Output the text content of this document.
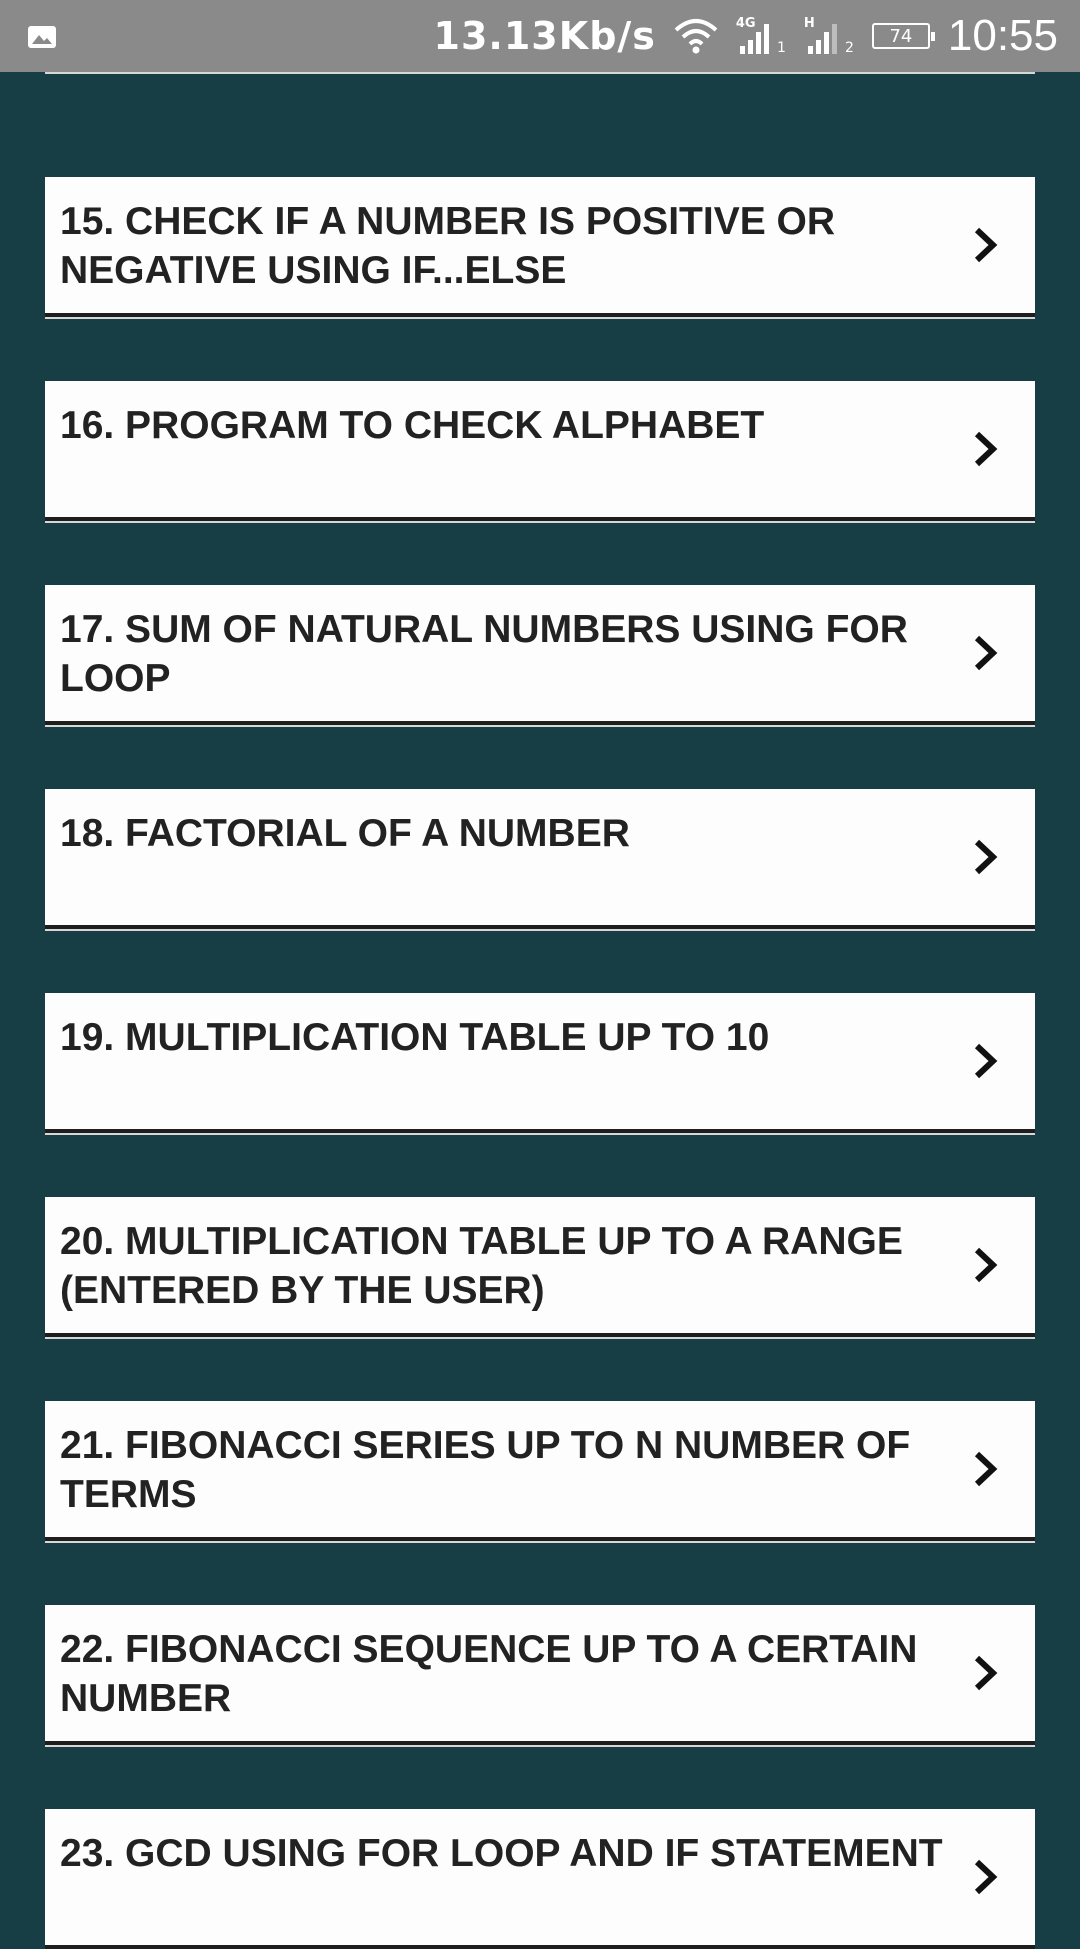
13.13Kb/s	4G
1
H
2
74 10:55
15. CHECK IF A NUMBER IS POSITIVE OR NEGATIVE USING IF...ELSE
16. PROGRAM TO CHECK ALPHABET
17. SUM OF NATURAL NUMBERS USING FOR LOOP
18. FACTORIAL OF A NUMBER
19. MULTIPLICATION TABLE UP TO 10
20. MULTIPLICATION TABLE UP TO A RANGE (ENTERED BY THE USER)
21. FIBONACCI SERIES UP TO N NUMBER OF TERMS
22. FIBONACCI SEQUENCE UP TO A CERTAIN NUMBER
23. GCD USING FOR LOOP AND IF STATEMENT
